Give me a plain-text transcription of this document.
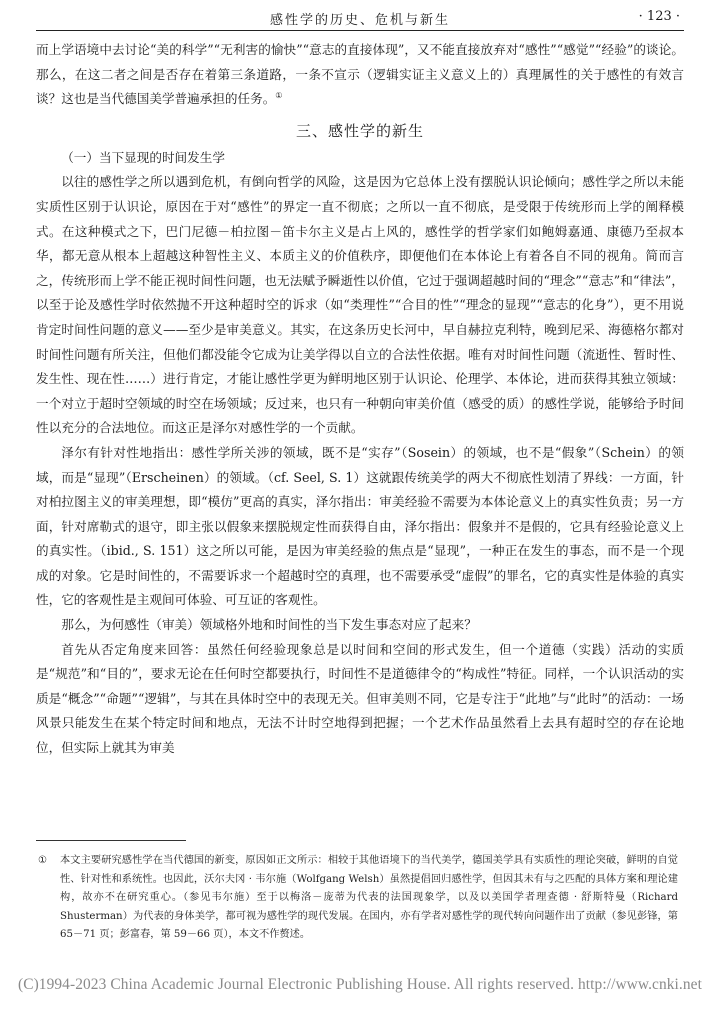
感性学的历史、危机与新生	· 123 ·

而上学语境中去讨论“美的科学”“无利害的愉快”“意志的直接体现”，又不能直接放弃对“感性”“感觉”“经验”的谈论。那么，在这二者之间是否存在着第三条道路，一条不宣示（逻辑实证主义意义上的）真理属性的关于感性的有效言谈？这也是当代德国美学普遍承担的任务。①

三、感性学的新生

（一）当下显现的时间发生学

以往的感性学之所以遇到危机，有倒向哲学的风险，这是因为它总体上没有摆脱认识论倾向；感性学之所以未能实质性区别于认识论，原因在于对“感性”的界定一直不彻底；之所以一直不彻底，是受限于传统形而上学的阐释模式。在这种模式之下，巴门尼德－柏拉图－笛卡尔主义是占上风的，感性学的哲学家们如鲍姆嘉通、康德乃至叔本华，都无意从根本上超越这种智性主义、本质主义的价值秩序，即便他们在本体论上有着各自不同的视角。简而言之，传统形而上学不能正视时间性问题，也无法赋予瞬逝性以价值，它过于强调超越时间的“理念”“意志”和“律法”，以至于论及感性学时依然抛不开这种超时空的诉求（如“类理性”“合目的性”“理念的显现”“意志的化身”），更不用说肯定时间性问题的意义——至少是审美意义。其实，在这条历史长河中，早自赫拉克利特，晚到尼采、海德格尔都对时间性问题有所关注，但他们都没能令它成为让美学得以自立的合法性依据。唯有对时间性问题（流逝性、暂时性、发生性、现在性……）进行肯定，才能让感性学更为鲜明地区别于认识论、伦理学、本体论，进而获得其独立领域：一个对立于超时空领域的时空在场领域；反过来，也只有一种朝向审美价值（感受的质）的感性学说，能够给予时间性以充分的合法地位。而这正是泽尔对感性学的一个贡献。

泽尔有针对性地指出：感性学所关涉的领域，既不是“实存”（Sosein）的领域，也不是“假象”（Schein）的领域，而是“显现”（Erscheinen）的领域。（cf. Seel, S. 1）这就跟传统美学的两大不彻底性划清了界线：一方面，针对柏拉图主义的审美理想，即“模仿”更高的真实，泽尔指出：审美经验不需要为本体论意义上的真实性负责；另一方面，针对席勒式的退守，即主张以假象来摆脱规定性而获得自由，泽尔指出：假象并不是假的，它具有经验论意义上的真实性。（ibid., S. 151）这之所以可能，是因为审美经验的焦点是“显现”，一种正在发生的事态，而不是一个现成的对象。它是时间性的，不需要诉求一个超越时空的真理，也不需要承受“虚假”的罪名，它的真实性是体验的真实性，它的客观性是主观间可体验、可互证的客观性。

那么，为何感性（审美）领域格外地和时间性的当下发生事态对应了起来？

首先从否定角度来回答：虽然任何经验现象总是以时间和空间的形式发生，但一个道德（实践）活动的实质是“规范”和“目的”，要求无论在任何时空都要执行，时间性不是道德律令的“构成性”特征。同样，一个认识活动的实质是“概念”“命题”“逻辑”，与其在具体时空中的表现无关。但审美则不同，它是专注于“此地”与“此时”的活动：一场风景只能发生在某个特定时间和地点，无法不计时空地得到把握；一个艺术作品虽然看上去具有超时空的存在论地位，但实际上就其为审美

① 本文主要研究感性学在当代德国的新变，原因如正文所示：相较于其他语境下的当代美学，德国美学具有实质性的理论突破，鲜明的自觉性、针对性和系统性。也因此，沃尔夫冈 · 韦尔施（Wolfgang Welsh）虽然提倡回归感性学，但因其未有与之匹配的具体方案和理论建构，故亦不在研究重心。（参见韦尔施）至于以梅洛－庞蒂为代表的法国现象学，以及以美国学者理查德 · 舒斯特曼（Richard Shusterman）为代表的身体美学，都可视为感性学的现代发展。在国内，亦有学者对感性学的现代转向问题作出了贡献（参见彭锋，第 65－71 页；彭富春，第 59－66 页），本文不作赘述。
(C)1994-2023 China Academic Journal Electronic Publishing House. All rights reserved. http://www.cnki.net
